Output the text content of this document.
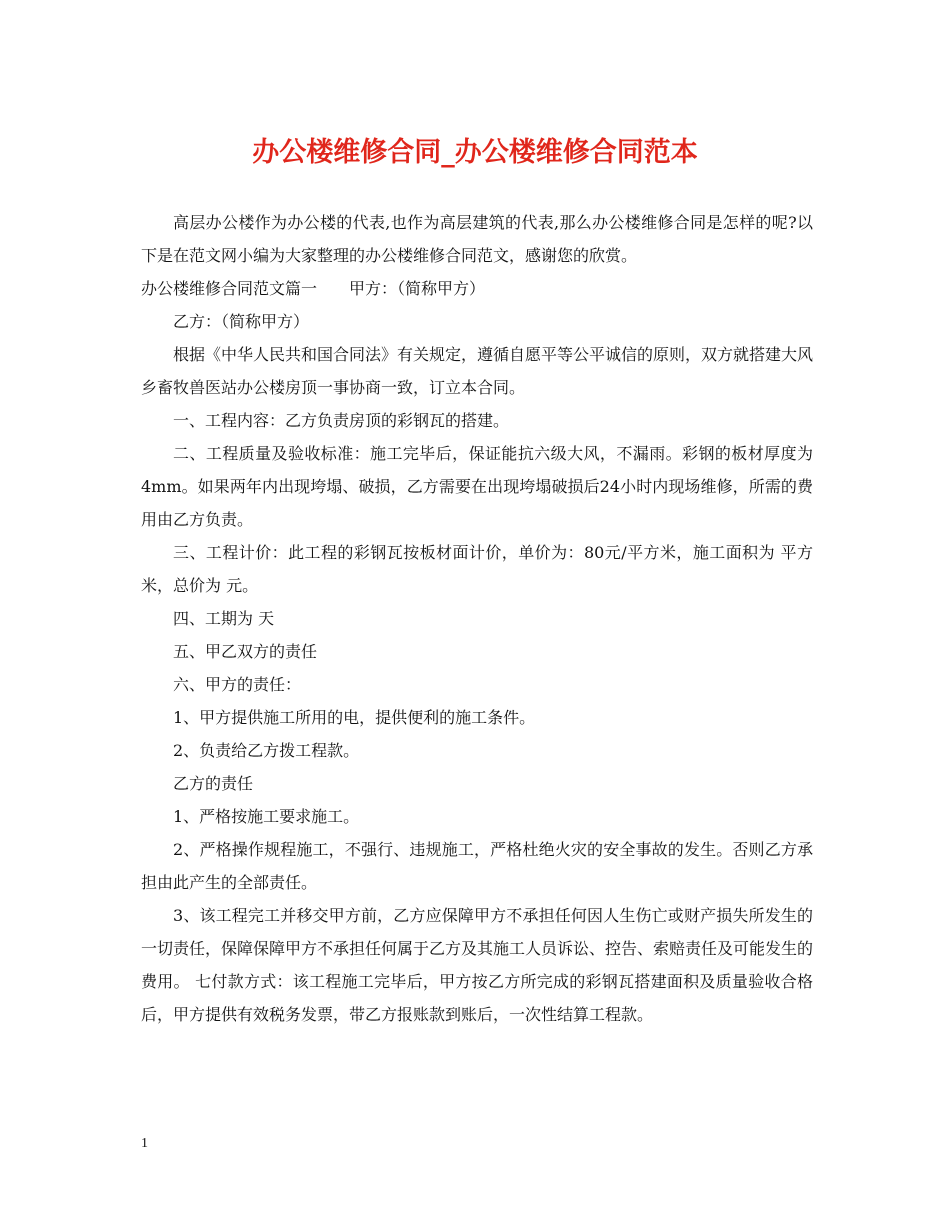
办公楼维修合同_办公楼维修合同范本

高层办公楼作为办公楼的代表,也作为高层建筑的代表,那么办公楼维修合同是怎样的呢?以下是在范文网小编为大家整理的办公楼维修合同范文，感谢您的欣赏。

办公楼维修合同范文篇一　　甲方：（简称甲方）

乙方：（简称甲方）

根据《中华人民共和国合同法》有关规定，遵循自愿平等公平诚信的原则，双方就搭建大风乡畜牧兽医站办公楼房顶一事协商一致，订立本合同。

一、工程内容：乙方负责房顶的彩钢瓦的搭建。

二、工程质量及验收标准：施工完毕后，保证能抗六级大风，不漏雨。彩钢的板材厚度为4mm。如果两年内出现垮塌、破损，乙方需要在出现垮塌破损后24小时内现场维修，所需的费用由乙方负责。

三、工程计价：此工程的彩钢瓦按板材面计价，单价为：80元/平方米，施工面积为 平方米，总价为 元。

四、工期为 天

五、甲乙双方的责任

六、甲方的责任：

1、甲方提供施工所用的电，提供便利的施工条件。

2、负责给乙方拨工程款。

乙方的责任

1、严格按施工要求施工。

2、严格操作规程施工，不强行、违规施工，严格杜绝火灾的安全事故的发生。否则乙方承担由此产生的全部责任。

3、该工程完工并移交甲方前，乙方应保障甲方不承担任何因人生伤亡或财产损失所发生的一切责任，保障保障甲方不承担任何属于乙方及其施工人员诉讼、控告、索赔责任及可能发生的费用。 七付款方式：该工程施工完毕后，甲方按乙方所完成的彩钢瓦搭建面积及质量验收合格后，甲方提供有效税务发票，带乙方报账款到账后，一次性结算工程款。

1
